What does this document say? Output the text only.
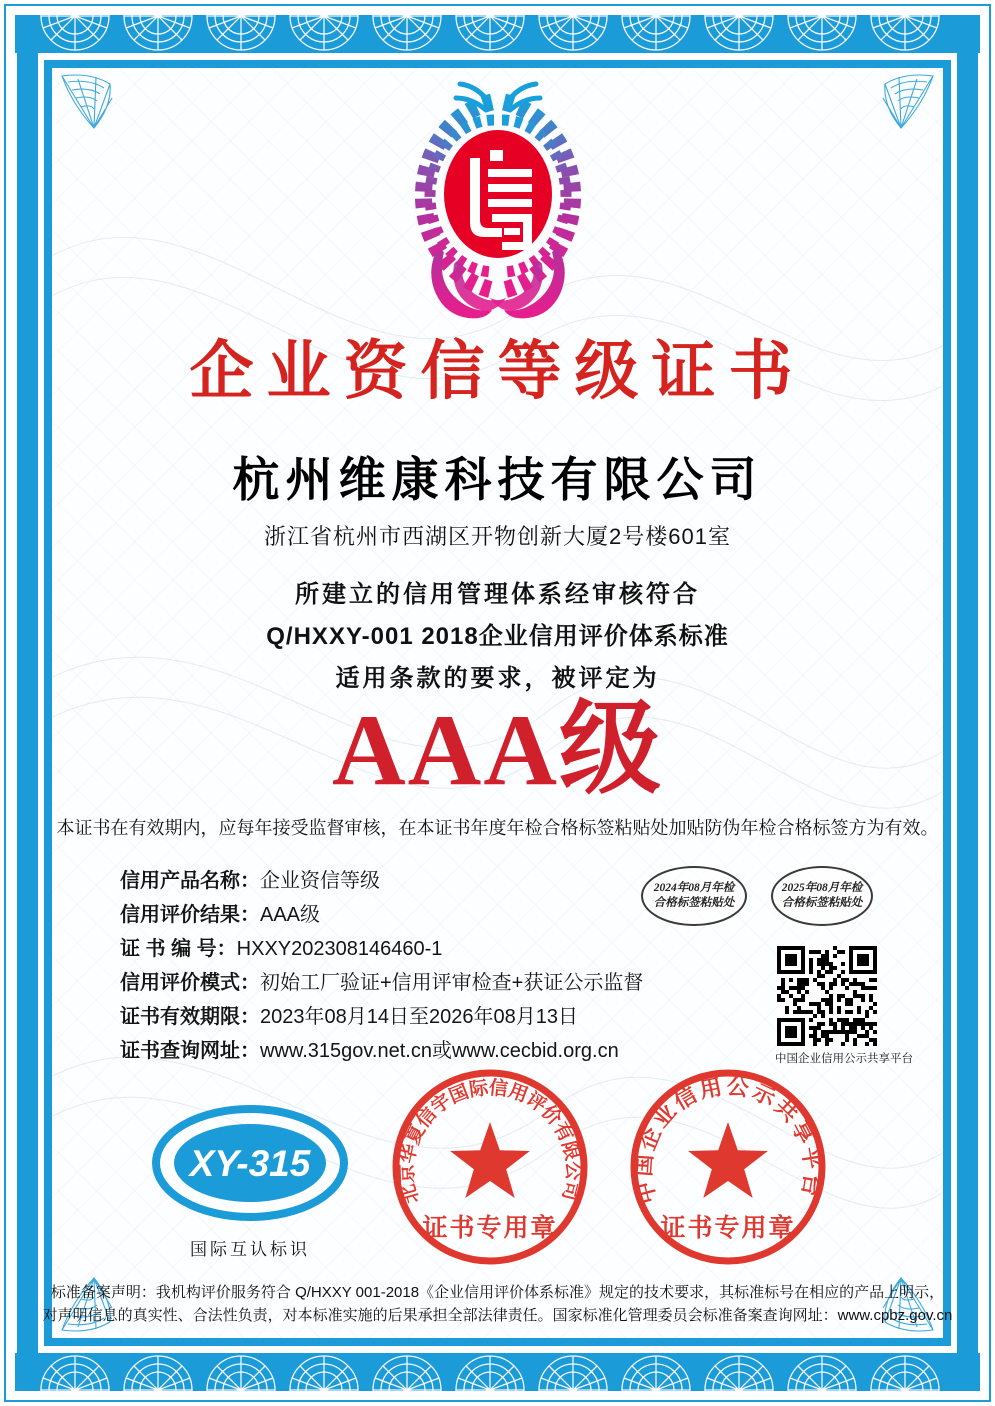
企业资信等级证书
杭州维康科技有限公司
浙江省杭州市西湖区开物创新大厦2号楼601室
所建立的信用管理体系经审核符合
Q/HXXY-001 2018企业信用评价体系标准
适用条款的要求，被评定为
AAA级
本证书在有效期内，应每年接受监督审核，在本证书年度年检合格标签粘贴处加贴防伪年检合格标签方为有效。
信用产品名称：企业资信等级
信用评价结果：AAA级
证 书 编 号：HXXY202308146460-1
信用评价模式：初始工厂验证+信用评审检查+获证公示监督
证书有效期限：2023年08月14日至2026年08月13日
证书查询网址：www.315gov.net.cn或www.cecbid.org.cn
2024年08月年检
合格标签粘贴处
2025年08月年检
合格标签粘贴处
中国企业信用公示共享平台
XY-315
国际互认标识
北京华夏信宇国际信用评价有限公司
证书专用章
中国企业信用公示共享平台
证书专用章
标准备案声明：我机构评价服务符合 Q/HXXY 001-2018《企业信用评价体系标准》规定的技术要求，其标准标号在相应的产品上明示，
对声明信息的真实性、合法性负责，对本标准实施的后果承担全部法律责任。国家标准化管理委员会标准备案查询网址：www.cpbz.gov.cn
